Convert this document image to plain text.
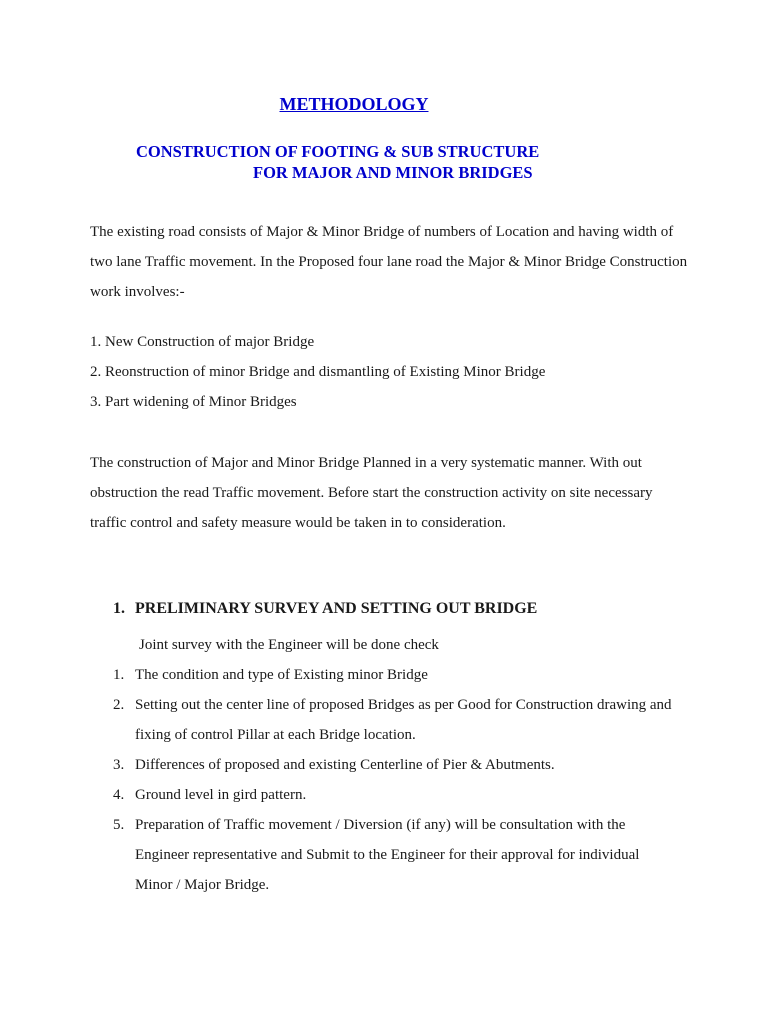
METHODOLOGY

CONSTRUCTION OF FOOTING & SUB STRUCTURE

FOR MAJOR AND MINOR BRIDGES

The existing road consists of Major & Minor Bridge of numbers of Location and having width of two lane Traffic movement. In the Proposed four lane road the Major & Minor Bridge Construction work involves:-

1. New Construction of major Bridge
2. Reonstruction of minor Bridge and dismantling of Existing Minor Bridge
3. Part widening of Minor Bridges

The construction of Major and Minor Bridge Planned in a very systematic manner. With out obstruction the read Traffic movement. Before start the construction activity on site necessary traffic control and safety measure would be taken in to consideration.

1. PRELIMINARY SURVEY AND SETTING OUT BRIDGE

Joint survey with the Engineer will be done check

1. The condition and type of Existing minor Bridge
2. Setting out the center line of proposed Bridges as per Good for Construction drawing and fixing of control Pillar at each Bridge location.
3. Differences of proposed and existing Centerline of Pier & Abutments.
4. Ground level in gird pattern.
5. Preparation of Traffic movement / Diversion (if any) will be consultation with the Engineer representative and Submit to the Engineer for their approval for individual Minor / Major Bridge.
